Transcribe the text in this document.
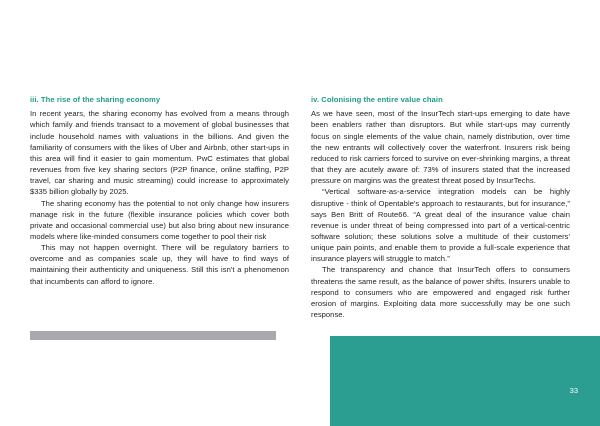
iii. The rise of the sharing economy

In recent years, the sharing economy has evolved from a means through which family and friends transact to a movement of global businesses that include household names with valuations in the billions. And given the familiarity of consumers with the likes of Uber and Airbnb, other start-ups in this area will find it easier to gain momentum. PwC estimates that global revenues from five key sharing sectors (P2P finance, online staffing, P2P travel, car sharing and music streaming) could increase to approximately $335 billion globally by 2025.

The sharing economy has the potential to not only change how insurers manage risk in the future (flexible insurance policies which cover both private and occasional commercial use) but also bring about new insurance models where like-minded consumers come together to pool their risk

This may not happen overnight. There will be regulatory barriers to overcome and as companies scale up, they will have to find ways of maintaining their authenticity and uniqueness. Still this isn't a phenomenon that incumbents can afford to ignore.

iv. Colonising the entire value chain

As we have seen, most of the InsurTech start-ups emerging to date have been enablers rather than disruptors. But while start-ups may currently focus on single elements of the value chain, namely distribution, over time the new entrants will collectively cover the waterfront. Insurers risk being reduced to risk carriers forced to survive on ever-shrinking margins, a threat that they are acutely aware of: 73% of insurers stated that the increased pressure on margins was the greatest threat posed by InsurTechs.

“Vertical software-as-a-service integration models can be highly disruptive - think of Opentable's approach to restaurants, but for insurance,” says Ben Britt of Route66. “A great deal of the insurance value chain revenue is under threat of being compressed into part of a vertical-centric software solution; these solutions solve a multitude of their customers' unique pain points, and enable them to provide a full-scale experience that insurance players will struggle to match.”

The transparency and chance that InsurTech offers to consumers threatens the same result, as the balance of power shifts. Insurers unable to respond to consumers who are empowered and engaged risk further erosion of margins. Exploiting data more successfully may be one such response.

33
